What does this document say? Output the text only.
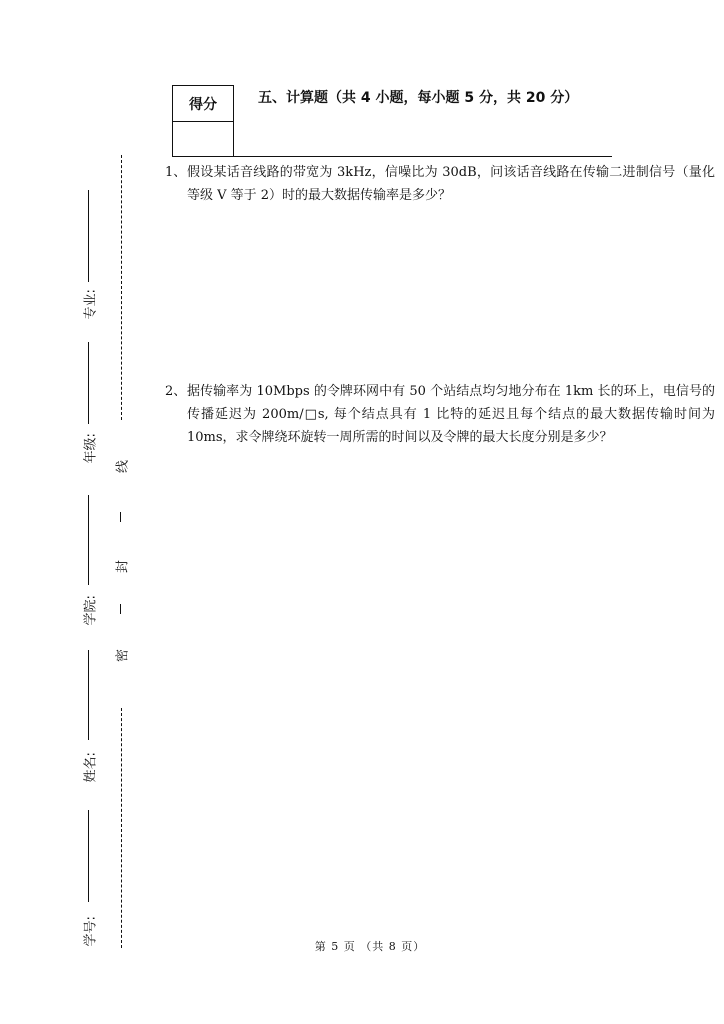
得分	五、计算题（共 4 小题，每小题 5 分，共 20 分）
1、 假设某话音线路的带宽为 3kHz，信噪比为 30dB，问该话音线路在传输二进制信号（量化等级 V 等于 2）时的最大数据传输率是多少？
2、 据传输率为 10Mbps 的令牌环网中有 50 个站结点均匀地分布在 1km 长的环上，电信号的传播延迟为 200m/□s, 每个结点具有 1 比特的延迟且每个结点的最大数据传输时间为 10ms，求令牌绕环旋转一周所需的时间以及令牌的最大长度分别是多少？
线
封
密
专业:
年级:
学院:
姓名:
学号:	第 5 页 （共 8 页）
